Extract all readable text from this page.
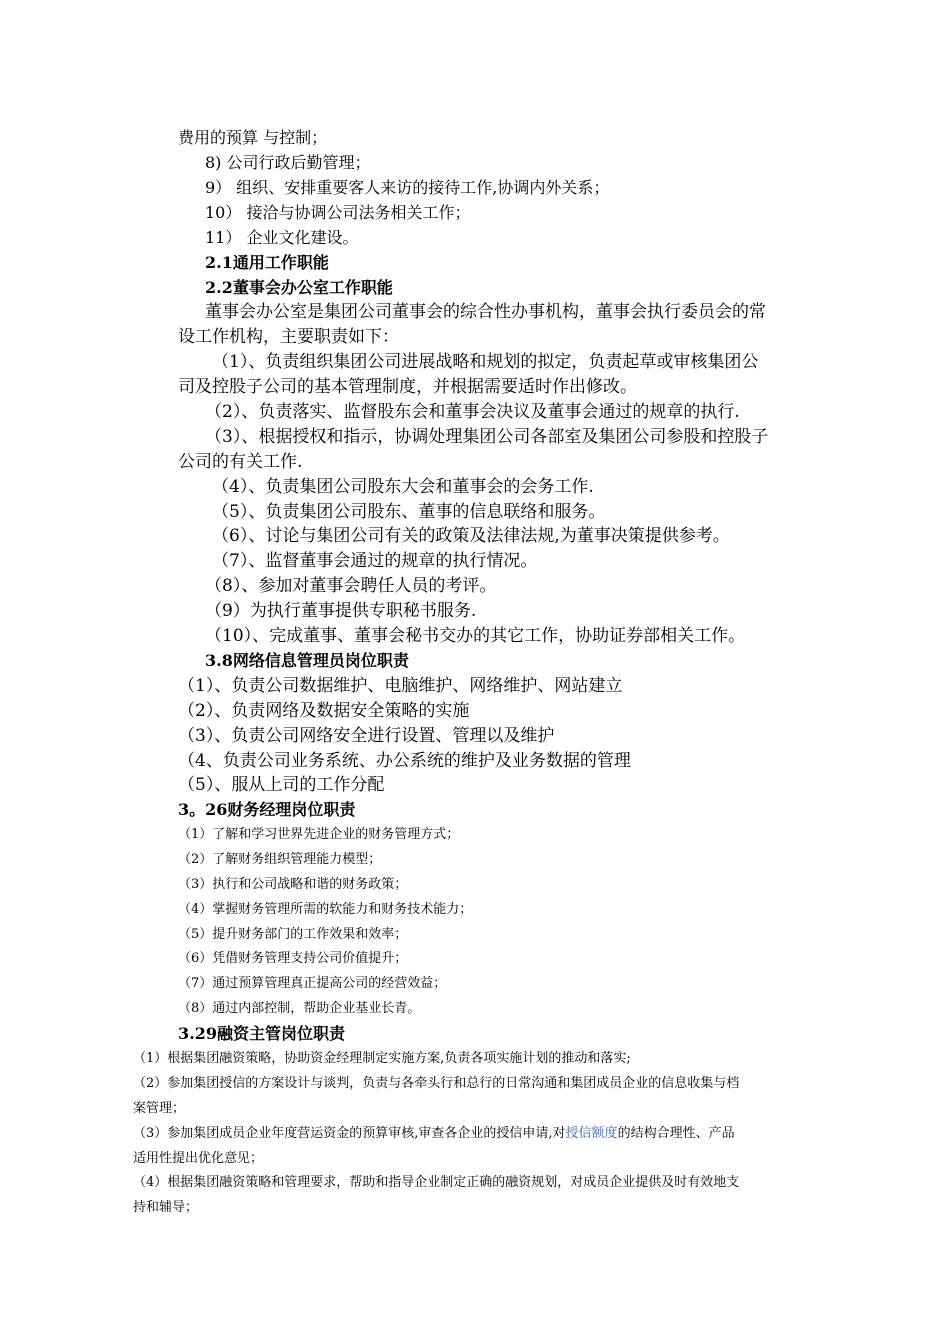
费用的预算 与控制；
8) 公司行政后勤管理；
9） 组织、安排重要客人来访的接待工作,协调内外关系；
10） 接洽与协调公司法务相关工作；
11） 企业文化建设。
2.1通用工作职能
2.2董事会办公室工作职能
董事会办公室是集团公司董事会的综合性办事机构，董事会执行委员会的常
设工作机构，主要职责如下：
（1）、负责组织集团公司进展战略和规划的拟定，负责起草或审核集团公
司及控股子公司的基本管理制度，并根据需要适时作出修改。
（2）、负责落实、监督股东会和董事会决议及董事会通过的规章的执行.
（3）、根据授权和指示，协调处理集团公司各部室及集团公司参股和控股子
公司的有关工作.
（4）、负责集团公司股东大会和董事会的会务工作.
（5）、负责集团公司股东、董事的信息联络和服务。
（6）、讨论与集团公司有关的政策及法律法规,为董事决策提供参考。
（7）、监督董事会通过的规章的执行情况。
（8）、参加对董事会聘任人员的考评。
（9）为执行董事提供专职秘书服务.
（10）、完成董事、董事会秘书交办的其它工作，协助证券部相关工作。
3.8网络信息管理员岗位职责
（1）、负责公司数据维护、电脑维护、网络维护、网站建立
（2）、负责网络及数据安全策略的实施
（3）、负责公司网络安全进行设置、管理以及维护
（4、负责公司业务系统、办公系统的维护及业务数据的管理
（5）、服从上司的工作分配
3。26财务经理岗位职责
（1）了解和学习世界先进企业的财务管理方式；
（2）了解财务组织管理能力模型；
（3）执行和公司战略和谐的财务政策；
（4）掌握财务管理所需的软能力和财务技术能力；
（5）提升财务部门的工作效果和效率；
（6）凭借财务管理支持公司价值提升；
（7）通过预算管理真正提高公司的经营效益；
（8）通过内部控制，帮助企业基业长青。
3.29融资主管岗位职责
（1）根据集团融资策略，协助资金经理制定实施方案,负责各项实施计划的推动和落实;
（2）参加集团授信的方案设计与谈判，负责与各牵头行和总行的日常沟通和集团成员企业的信息收集与档
案管理；
（3）参加集团成员企业年度营运资金的预算审核,审查各企业的授信申请,对授信额度的结构合理性、产品
适用性提出优化意见；
（4）根据集团融资策略和管理要求，帮助和指导企业制定正确的融资规划，对成员企业提供及时有效地支
持和辅导；
